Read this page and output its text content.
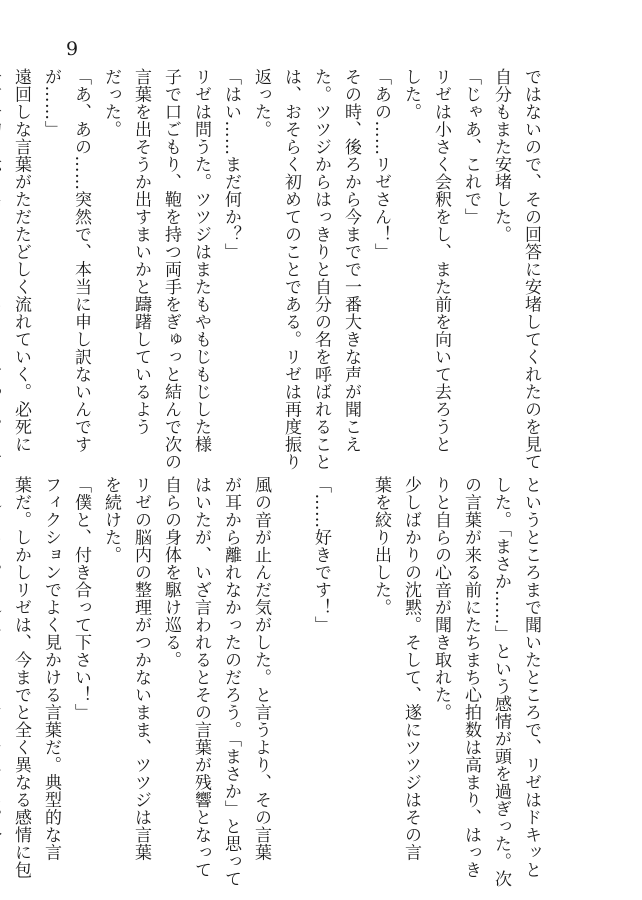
9
ではないので、その回答に安堵してくれたのを見て
自分もまた安堵した。
「じゃあ、これで」
リゼは小さく会釈をし、また前を向いて去ろうと
した。
「あの……リゼさん！」
その時、後ろから今までで一番大きな声が聞こえ
た。ツツジからはっきりと自分の名を呼ばれること
は、おそらく初めてのことである。リゼは再度振り
返った。
「はい……まだ何か？」
リゼは問うた。ツツジはまたもやもじもじした様
子で口ごもり、鞄を持つ両手をぎゅっと結んで次の
言葉を出そうか出すまいかと躊躇しているよう
だった。
「あ、あの……突然で、本当に申し訳ないんです
が……」
遠回しな言葉がただたどしく流れていく。必死に
というところまで聞いたところで、リゼはドキッと
した。「まさか……」という感情が頭を過ぎった。次
の言葉が来る前にたちまち心拍数は高まり、はっき
りと自らの心音が聞き取れた。
少しばかりの沈黙。そして、遂にツツジはその言
葉を絞り出した。

「……好きです！」

風の音が止んだ気がした。と言うより、その言葉
が耳から離れなかったのだろう。「まさか」と思って
はいたが、いざ言われるとその言葉が残響となって
自らの身体を駆け巡る。
リゼの脳内の整理がつかないまま、ツツジは言葉
を続けた。
「僕と、付き合って下さい！」
フィクションでよく見かける言葉だ。典型的な言
葉だ。しかしリゼは、今までと全く異なる感情に包
